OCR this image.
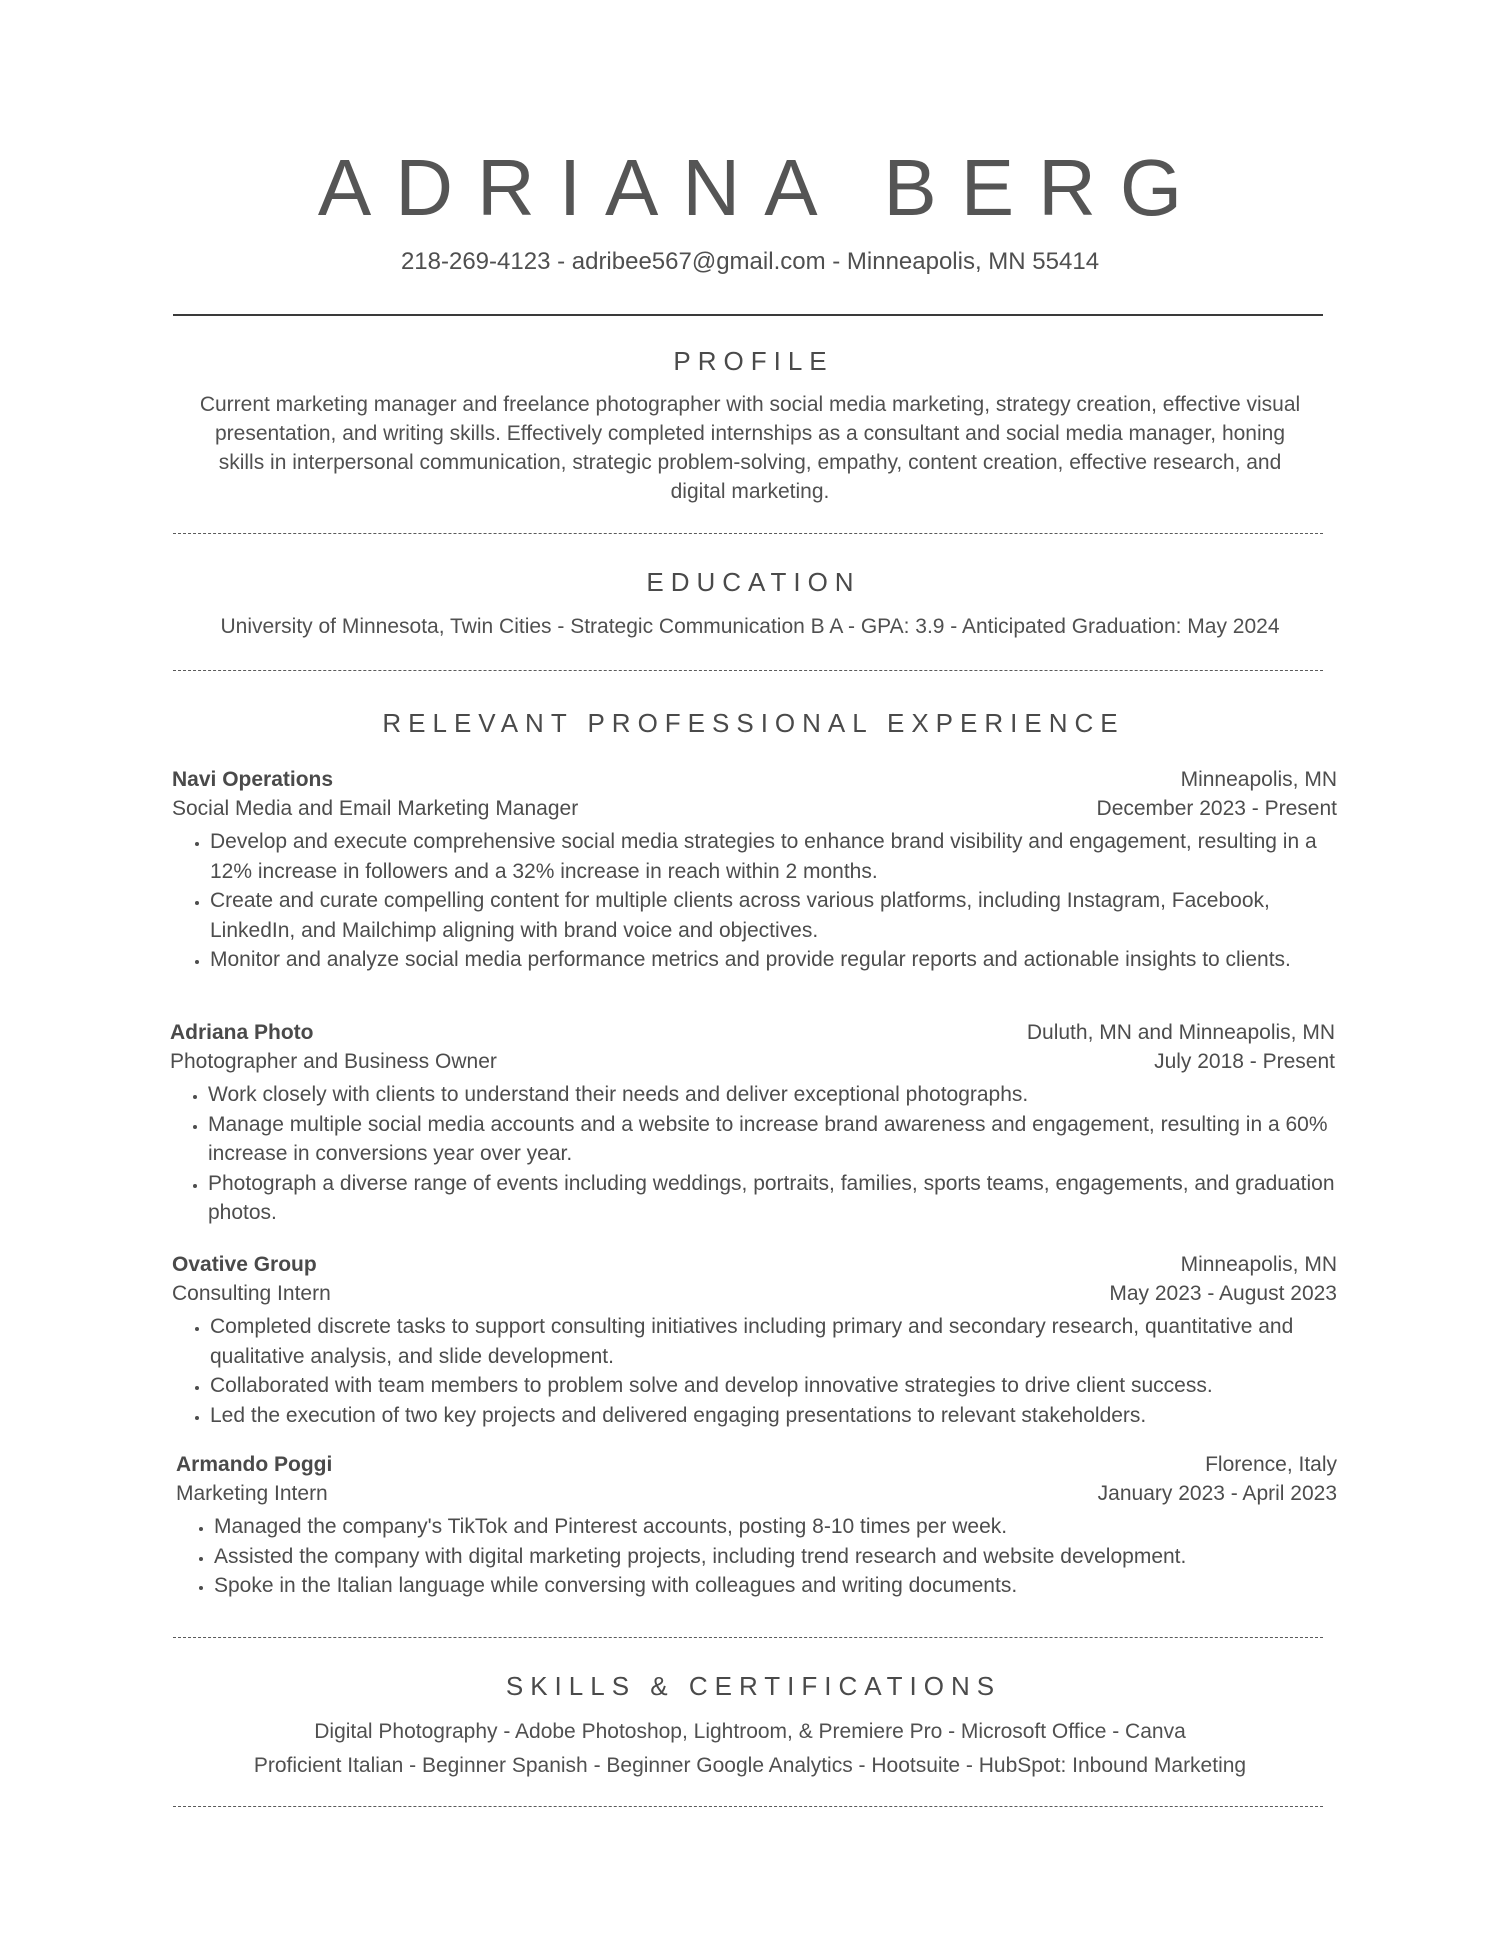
ADRIANA BERG
218-269-4123 - adribee567@gmail.com - Minneapolis, MN 55414
PROFILE
Current marketing manager and freelance photographer with social media marketing, strategy creation, effective visual presentation, and writing skills. Effectively completed internships as a consultant and social media manager, honing skills in interpersonal communication, strategic problem-solving, empathy, content creation, effective research, and digital marketing.
EDUCATION
University of Minnesota, Twin Cities - Strategic Communication B A - GPA: 3.9 - Anticipated Graduation: May 2024
RELEVANT PROFESSIONAL EXPERIENCE
Navi Operations	Minneapolis, MN
Social Media and Email Marketing Manager	December 2023 - Present
• Develop and execute comprehensive social media strategies to enhance brand visibility and engagement, resulting in a 12% increase in followers and a 32% increase in reach within 2 months.
• Create and curate compelling content for multiple clients across various platforms, including Instagram, Facebook, LinkedIn, and Mailchimp aligning with brand voice and objectives.
• Monitor and analyze social media performance metrics and provide regular reports and actionable insights to clients.
Adriana Photo	Duluth, MN and Minneapolis, MN
Photographer and Business Owner	July 2018 - Present
• Work closely with clients to understand their needs and deliver exceptional photographs.
• Manage multiple social media accounts and a website to increase brand awareness and engagement, resulting in a 60% increase in conversions year over year.
• Photograph a diverse range of events including weddings, portraits, families, sports teams, engagements, and graduation photos.
Ovative Group	Minneapolis, MN
Consulting Intern	May 2023 - August 2023
• Completed discrete tasks to support consulting initiatives including primary and secondary research, quantitative and qualitative analysis, and slide development.
• Collaborated with team members to problem solve and develop innovative strategies to drive client success.
• Led the execution of two key projects and delivered engaging presentations to relevant stakeholders.
Armando Poggi	Florence, Italy
Marketing Intern	January 2023 - April 2023
• Managed the company's TikTok and Pinterest accounts, posting 8-10 times per week.
• Assisted the company with digital marketing projects, including trend research and website development.
• Spoke in the Italian language while conversing with colleagues and writing documents.
SKILLS & CERTIFICATIONS
Digital Photography - Adobe Photoshop, Lightroom, & Premiere Pro - Microsoft Office - Canva
Proficient Italian - Beginner Spanish - Beginner Google Analytics - Hootsuite - HubSpot: Inbound Marketing
